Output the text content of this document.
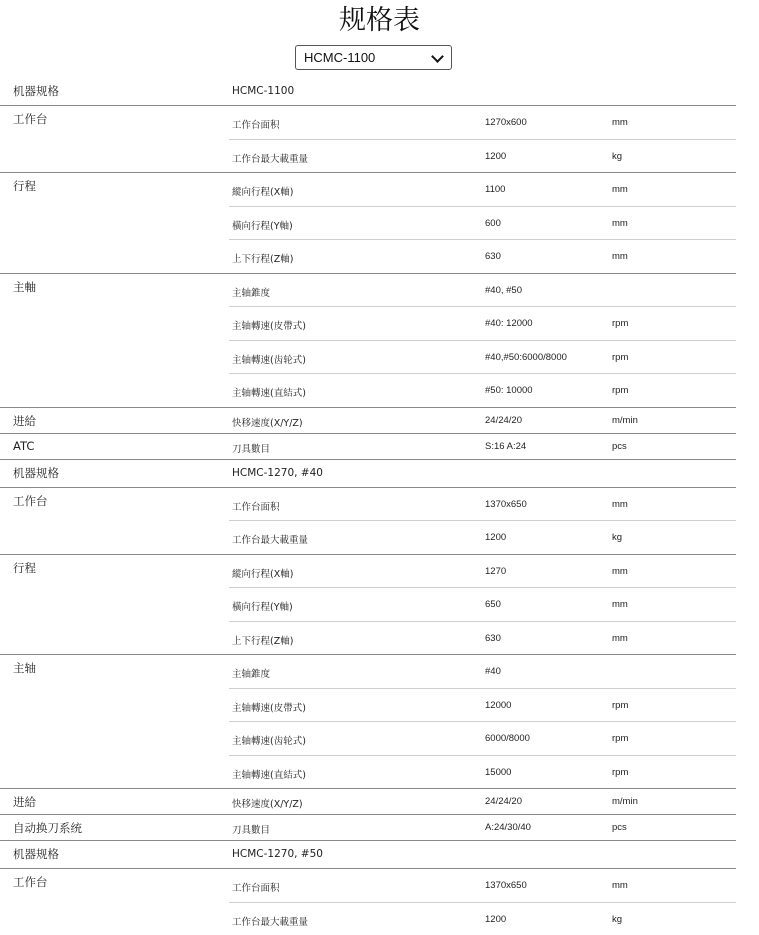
规格表
HCMC-1100
机器规格	HCMC-1100
工作台	工作台面积	1270x600	mm
工作台最大載重量	1200	kg
行程	縱向行程(X軸)	1100	mm
橫向行程(Y軸)	600	mm
上下行程(Z軸)	630	mm
主軸	主轴錐度	#40, #50
主轴轉速(皮帶式)	#40: 12000	rpm
主轴轉速(齿轮式)	#40,#50:6000/8000	rpm
主轴轉速(直結式)	#50: 10000	rpm
进給	快移速度(X/Y/Z)	24/24/20	m/min
ATC	刀具數目	S:16 A:24	pcs
机器规格	HCMC-1270, #40
工作台	工作台面积	1370x650	mm
工作台最大載重量	1200	kg
行程	縱向行程(X軸)	1270	mm
橫向行程(Y軸)	650	mm
上下行程(Z軸)	630	mm
主轴	主轴錐度	#40
主轴轉速(皮帶式)	12000	rpm
主轴轉速(齿轮式)	6000/8000	rpm
主轴轉速(直結式)	15000	rpm
进給	快移速度(X/Y/Z)	24/24/20	m/min
自动换刀系统	刀具數目	A:24/30/40	pcs
机器规格	HCMC-1270, #50
工作台	工作台面积	1370x650	mm
工作台最大載重量	1200	kg
